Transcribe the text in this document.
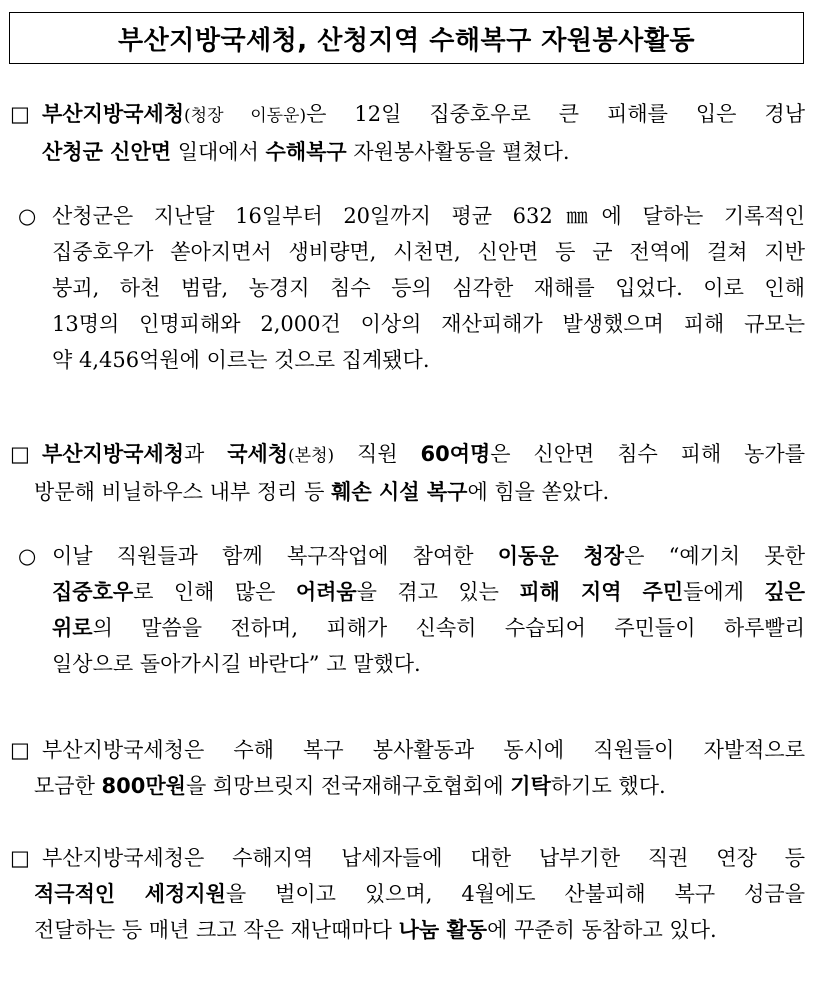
부산지방국세청, 산청지역 수해복구 자원봉사활동
□ 부산지방국세청(청장 이동운)은 12일 집중호우로 큰 피해를 입은 경남
산청군 신안면 일대에서 수해복구 자원봉사활동을 펼쳤다.
○ 산청군은 지난달 16일부터 20일까지 평균 632㎜에 달하는 기록적인
집중호우가 쏟아지면서 생비량면, 시천면, 신안면 등 군 전역에 걸쳐 지반
붕괴, 하천 범람, 농경지 침수 등의 심각한 재해를 입었다. 이로 인해
13명의 인명피해와 2,000건 이상의 재산피해가 발생했으며 피해 규모는
약 4,456억원에 이르는 것으로 집계됐다.
□ 부산지방국세청과 국세청(본청) 직원 60여명은 신안면 침수 피해 농가를
방문해 비닐하우스 내부 정리 등 훼손 시설 복구에 힘을 쏟았다.
○ 이날 직원들과 함께 복구작업에 참여한 이동운 청장은 “예기치 못한
집중호우로 인해 많은 어려움을 겪고 있는 피해 지역 주민들에게 깊은
위로의 말씀을 전하며, 피해가 신속히 수습되어 주민들이 하루빨리
일상으로 돌아가시길 바란다” 고 말했다.
□ 부산지방국세청은 수해 복구 봉사활동과 동시에 직원들이 자발적으로
모금한 800만원을 희망브릿지 전국재해구호협회에 기탁하기도 했다.
□ 부산지방국세청은 수해지역 납세자들에 대한 납부기한 직권 연장 등
적극적인 세정지원을 벌이고 있으며, 4월에도 산불피해 복구 성금을
전달하는 등 매년 크고 작은 재난때마다 나눔 활동에 꾸준히 동참하고 있다.
